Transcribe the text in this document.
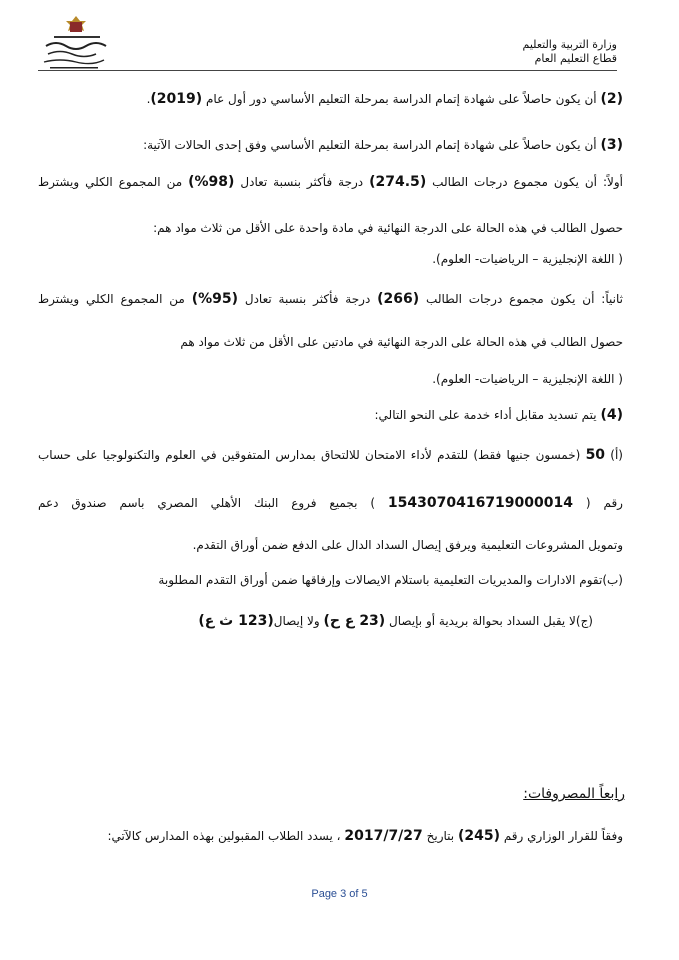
وزارة التربية والتعليم
قطاع التعليم العام
(2) أن يكون حاصلاً على شهادة إتمام الدراسة بمرحلة التعليم الأساسي دور أول عام (2019).
(3) أن يكون حاصلاً على شهادة إتمام الدراسة بمرحلة التعليم الأساسي وفق إحدى الحالات الآتية:
أولاً: أن يكون مجموع درجات الطالب (274.5) درجة فأكثر بنسبة تعادل (98%) من المجموع الكلي ويشترط
حصول الطالب في هذه الحالة على الدرجة النهائية في مادة واحدة على الأقل من ثلاث مواد هم:
( اللغة الإنجليزية – الرياضيات- العلوم).
ثانياً: أن يكون مجموع درجات الطالب (266) درجة فأكثر بنسبة تعادل (95%) من المجموع الكلي ويشترط
حصول الطالب في هذه الحالة على الدرجة النهائية في مادتين على الأقل من ثلاث مواد هم
( اللغة الإنجليزية – الرياضيات- العلوم).
(4) يتم تسديد مقابل أداء خدمة على النحو التالي:
(أ) 50 (خمسون جنيها فقط) للتقدم لأداء الامتحان للالتحاق بمدارس المتفوقين في العلوم والتكنولوجيا على حساب
رقم ( 1543070416719000014 ) بجميع فروع البنك الأهلي المصري باسم صندوق دعم
وتمويل المشروعات التعليمية ويرفق إيصال السداد الدال على الدفع ضمن أوراق التقدم.
(ب)تقوم الادارات والمديريات التعليمية باستلام الايصالات وإرفاقها ضمن أوراق التقدم المطلوبة
(ج)لا يقبل السداد بحوالة بريدية أو بإيصال (23 ع ح) ولا إيصال(123 ث ع)
رابعاً المصروفات:
وفقاً للقرار الوزاري رقم (245) بتاريخ 2017/7/27 ، يسدد الطلاب المقبولين بهذه المدارس كالآتي:
Page 3 of 5
